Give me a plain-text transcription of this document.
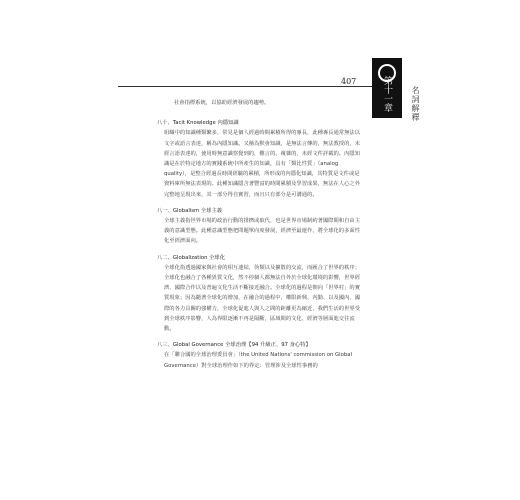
407	第十一章	名詞解釋

社會指標系統，以協助經濟發展的趨勢。

八十、Tacit Knowledge 內隱知識

組織中的知識種類繁多，常見是個人經過時間累積所得的專長，此種專長通常無法以文字或語言表達，稱為內隱知識。又稱為默會知識，是無法言傳的，無法教授的，未經言語表達的，使用時無意識察覺到的，難言的，複雜的，未經文件詳載的。內隱知識是在於特定地方的實踐系統中所產生的知識，具有「類比性質」（analog quality），是整合經過長時間經驗的累積，所形成的內隱化知識，其特質是文件或是資料庫所無法表現的。此種知識隱含著豐富的時間累積及學習成果，無法在人心之外完整地呈現出來，其一部分得自實習，而且只有部分是可溝通的。

八一、Globalism 全球主義

全球主義指世界市場的政治行動的排擠或取代，也是世界市場制約著國際間和自由主義的意識型態。此種意識型態把問題單向度發展，經濟至最運作，將全球化的多面性化至經濟面向。

八二、Globalization 全球化

全球化指透過國家與社會的相互連結，伪類以及擴散的交流，而匯合了世界的秩序；全球化也融合了各種異質文化，然不停個人都無法自外於全球化環境的影響，世界經濟、國際合作以及普遍文化生活不斷接近融合。全球化的過程是朝向「世界村」的實質現象；因為隨著全球化的增加，在融合的過程中，權限新興、內勤、以及國內、國際的各力具關的強權力，全球化促進人與人之間的距離更為縮近，我們生活的世界受到全球秩序影響，人為界限逐漸不再是隔斷，區域間的文化、經濟等層面進交往流動。

八三、Global Governance 全球治理【94 升級正、97 身心特】

在「聯合國的全球治理委員會」（the United Nations' commission on Global Governance）對全球治理作如下的界定：管理涉及全球性事務的
